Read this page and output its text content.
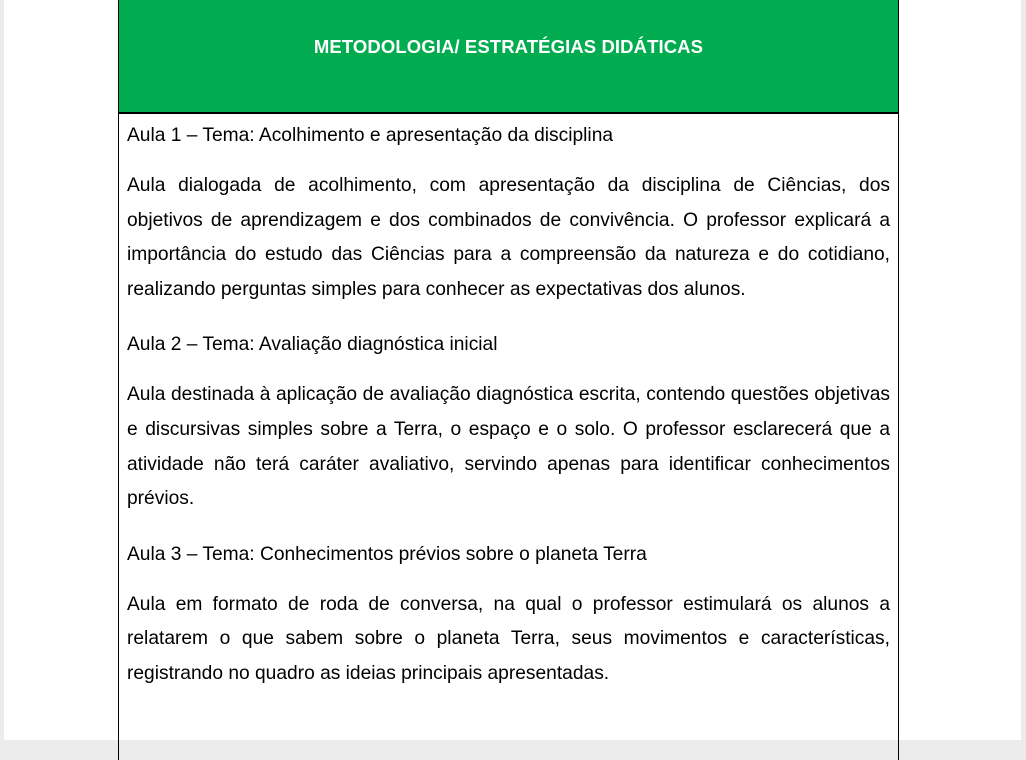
METODOLOGIA/ ESTRATÉGIAS DIDÁTICAS

Aula 1 – Tema: Acolhimento e apresentação da disciplina

Aula dialogada de acolhimento, com apresentação da disciplina de Ciências, dos objetivos de aprendizagem e dos combinados de convivência. O professor explicará a importância do estudo das Ciências para a compreensão da natureza e do cotidiano, realizando perguntas simples para conhecer as expectativas dos alunos.

Aula 2 – Tema: Avaliação diagnóstica inicial

Aula destinada à aplicação de avaliação diagnóstica escrita, contendo questões objetivas e discursivas simples sobre a Terra, o espaço e o solo. O professor esclarecerá que a atividade não terá caráter avaliativo, servindo apenas para identificar conhecimentos prévios.

Aula 3 – Tema: Conhecimentos prévios sobre o planeta Terra

Aula em formato de roda de conversa, na qual o professor estimulará os alunos a relatarem o que sabem sobre o planeta Terra, seus movimentos e características, registrando no quadro as ideias principais apresentadas.
